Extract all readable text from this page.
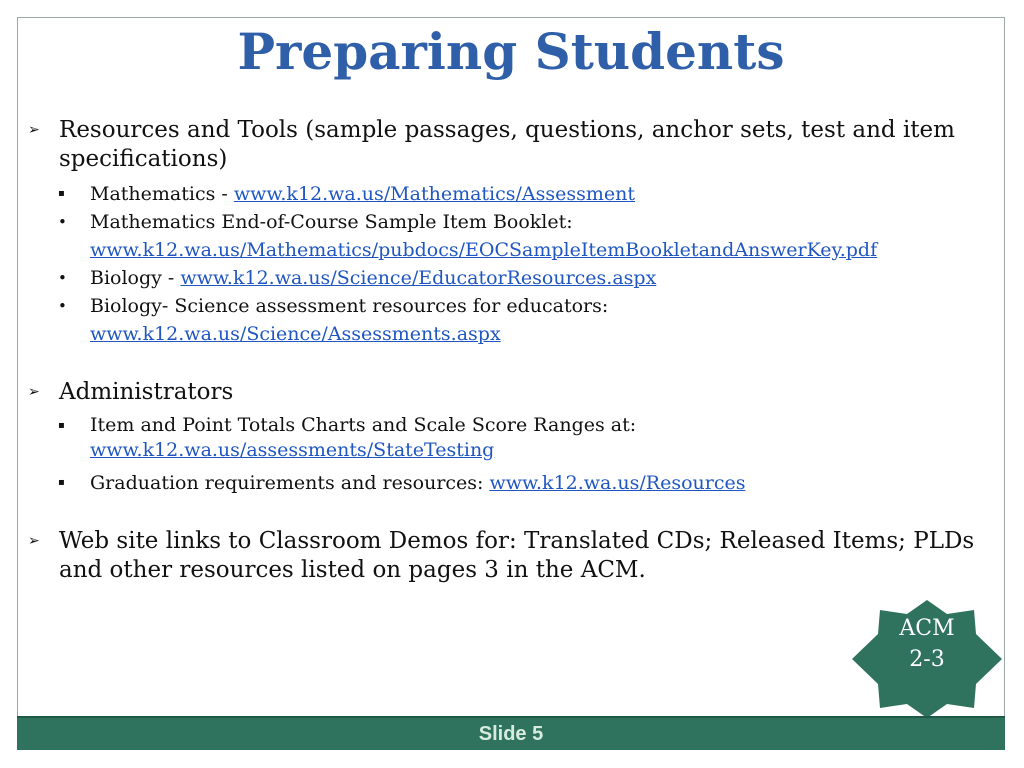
Preparing Students
➢ Resources and Tools (sample passages, questions, anchor sets, test and item specifications)
▪ Mathematics - www.k12.wa.us/Mathematics/Assessment
• Mathematics End-of-Course Sample Item Booklet:
www.k12.wa.us/Mathematics/pubdocs/EOCSampleItemBookletandAnswerKey.pdf
• Biology - www.k12.wa.us/Science/EducatorResources.aspx
• Biology- Science assessment resources for educators:
www.k12.wa.us/Science/Assessments.aspx
➢ Administrators
▪ Item and Point Totals Charts and Scale Score Ranges at:
www.k12.wa.us/assessments/StateTesting
▪ Graduation requirements and resources: www.k12.wa.us/Resources
➢ Web site links to Classroom Demos for: Translated CDs; Released Items; PLDs and other resources listed on pages 3 in the ACM.
ACM
2-3
Slide 5
